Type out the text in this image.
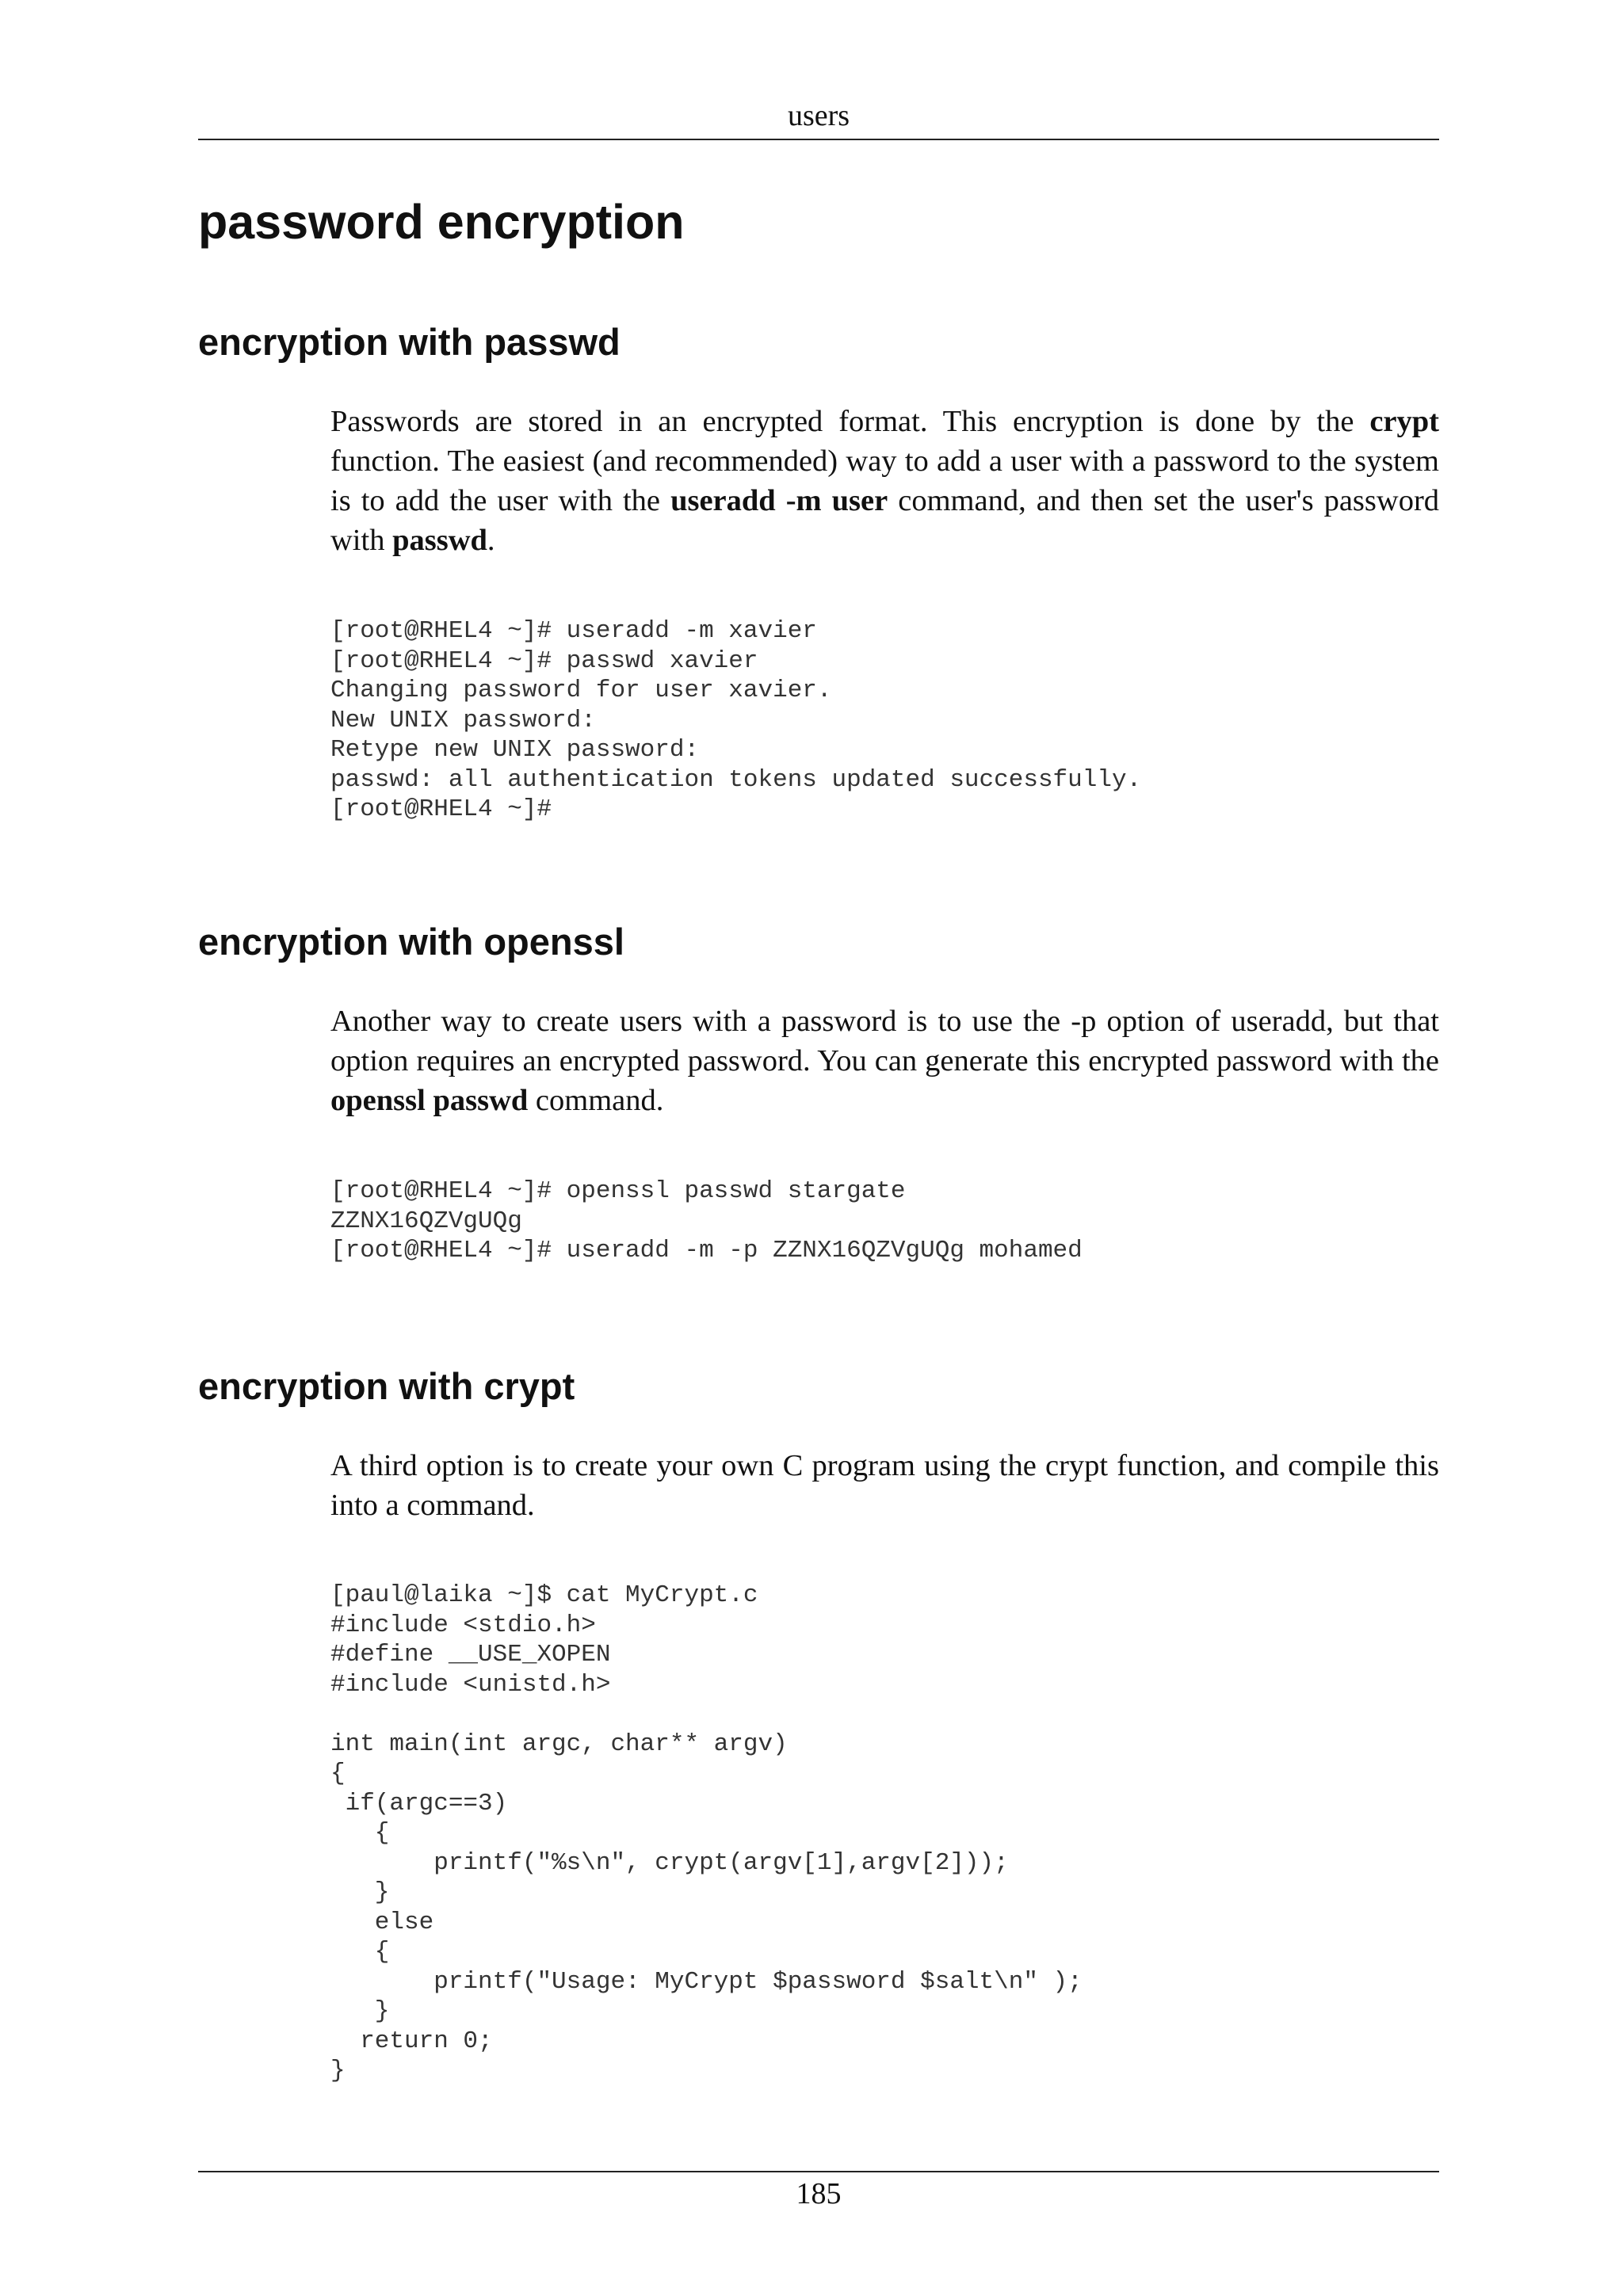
users
password encryption
encryption with passwd

Passwords are stored in an encrypted format. This encryption is done by the crypt function. The easiest (and recommended) way to add a user with a password to the system is to add the user with the useradd -m user command, and then set the user's password with passwd.

[root@RHEL4 ~]# useradd -m xavier
[root@RHEL4 ~]# passwd xavier
Changing password for user xavier.
New UNIX password:
Retype new UNIX password:
passwd: all authentication tokens updated successfully.
[root@RHEL4 ~]#
encryption with openssl

Another way to create users with a password is to use the -p option of useradd, but that option requires an encrypted password. You can generate this encrypted password with the openssl passwd command.

[root@RHEL4 ~]# openssl passwd stargate
ZZNX16QZVgUQg
[root@RHEL4 ~]# useradd -m -p ZZNX16QZVgUQg mohamed
encryption with crypt

A third option is to create your own C program using the crypt function, and compile this into a command.

[paul@laika ~]$ cat MyCrypt.c
#include <stdio.h>
#define __USE_XOPEN
#include <unistd.h>
int main(int argc, char** argv)
{
if(argc==3)
{
printf("%s\n", crypt(argv[1],argv[2]));
}
else
{
printf("Usage: MyCrypt $password $salt\n" );
}
return 0;
}
185
